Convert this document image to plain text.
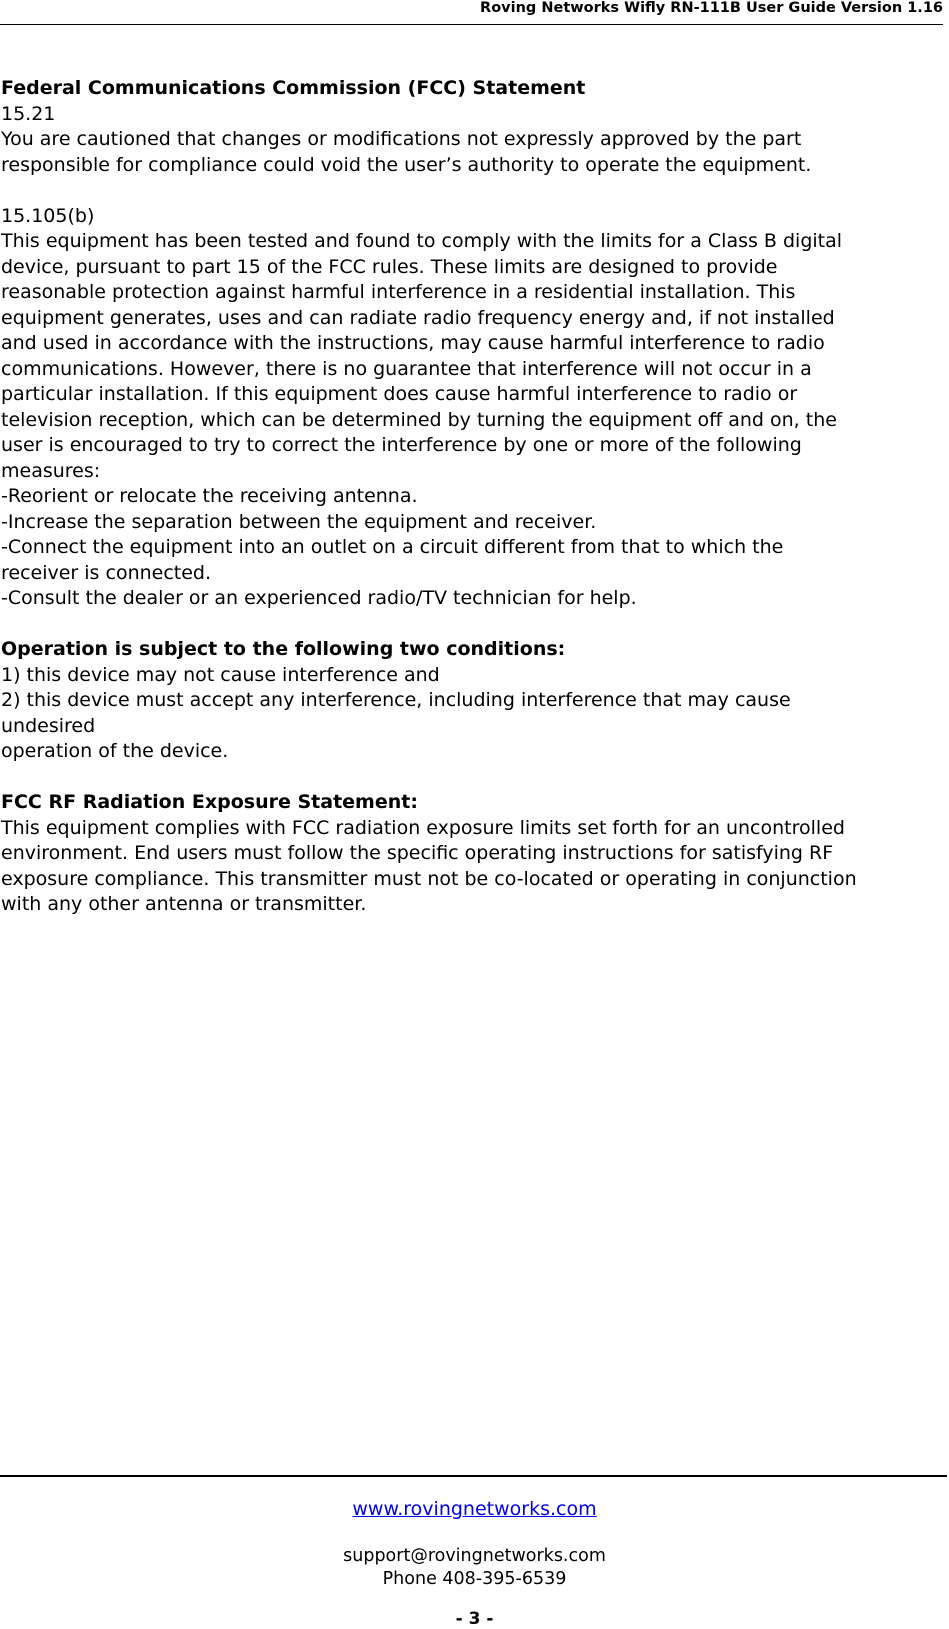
Roving Networks Wifly RN-111B User Guide Version 1.16

Federal Communications Commission (FCC) Statement

15.21

You are cautioned that changes or modifications not expressly approved by the part
responsible for compliance could void the user’s authority to operate the equipment.

15.105(b)

This equipment has been tested and found to comply with the limits for a Class B digital
device, pursuant to part 15 of the FCC rules. These limits are designed to provide
reasonable protection against harmful interference in a residential installation. This
equipment generates, uses and can radiate radio frequency energy and, if not installed
and used in accordance with the instructions, may cause harmful interference to radio
communications. However, there is no guarantee that interference will not occur in a
particular installation. If this equipment does cause harmful interference to radio or
television reception, which can be determined by turning the equipment off and on, the
user is encouraged to try to correct the interference by one or more of the following
measures:

-Reorient or relocate the receiving antenna.

-Increase the separation between the equipment and receiver.

-Connect the equipment into an outlet on a circuit different from that to which the
receiver is connected.

-Consult the dealer or an experienced radio/TV technician for help.

Operation is subject to the following two conditions:

1) this device may not cause interference and

2) this device must accept any interference, including interference that may cause
undesired
operation of the device.

FCC RF Radiation Exposure Statement:

This equipment complies with FCC radiation exposure limits set forth for an uncontrolled
environment. End users must follow the specific operating instructions for satisfying RF
exposure compliance. This transmitter must not be co-located or operating in conjunction
with any other antenna or transmitter.

www.rovingnetworks.com
support@rovingnetworks.com
Phone 408-395-6539
- 3 -
